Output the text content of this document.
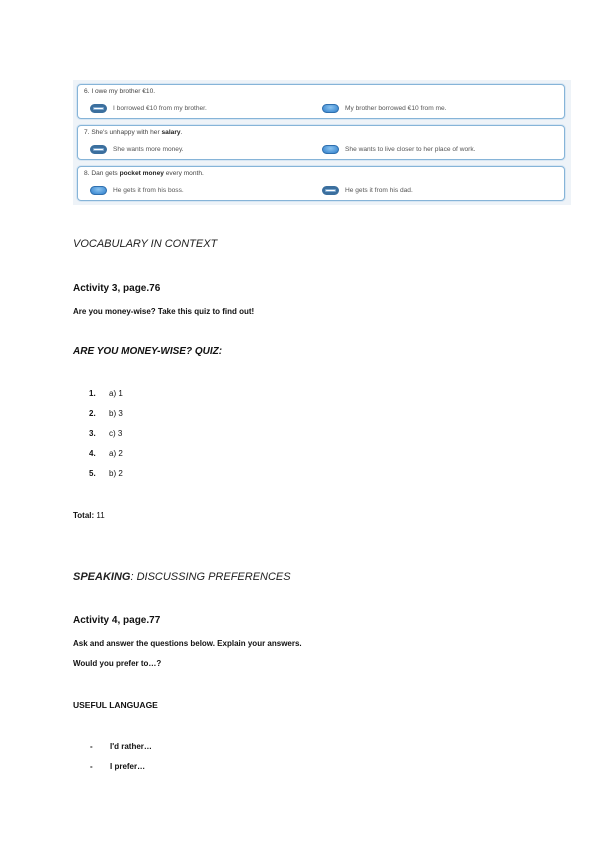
6. I owe my brother €10.
I borrowed €10 from my brother.	My brother borrowed €10 from me.
7. She's unhappy with her salary.
She wants more money.	She wants to live closer to her place of work.
8. Dan gets pocket money every month.
He gets it from his boss.	He gets it from his dad.
VOCABULARY IN CONTEXT
Activity 3, page.76
Are you money-wise? Take this quiz to find out!
ARE YOU MONEY-WISE? QUIZ:
1. a) 1
2. b) 3
3. c) 3
4. a) 2
5. b) 2
Total: 11
SPEAKING: DISCUSSING PREFERENCES
Activity 4, page.77
Ask and answer the questions below. Explain your answers.
Would you prefer to…?
USEFUL LANGUAGE
- I'd rather…
- I prefer…
